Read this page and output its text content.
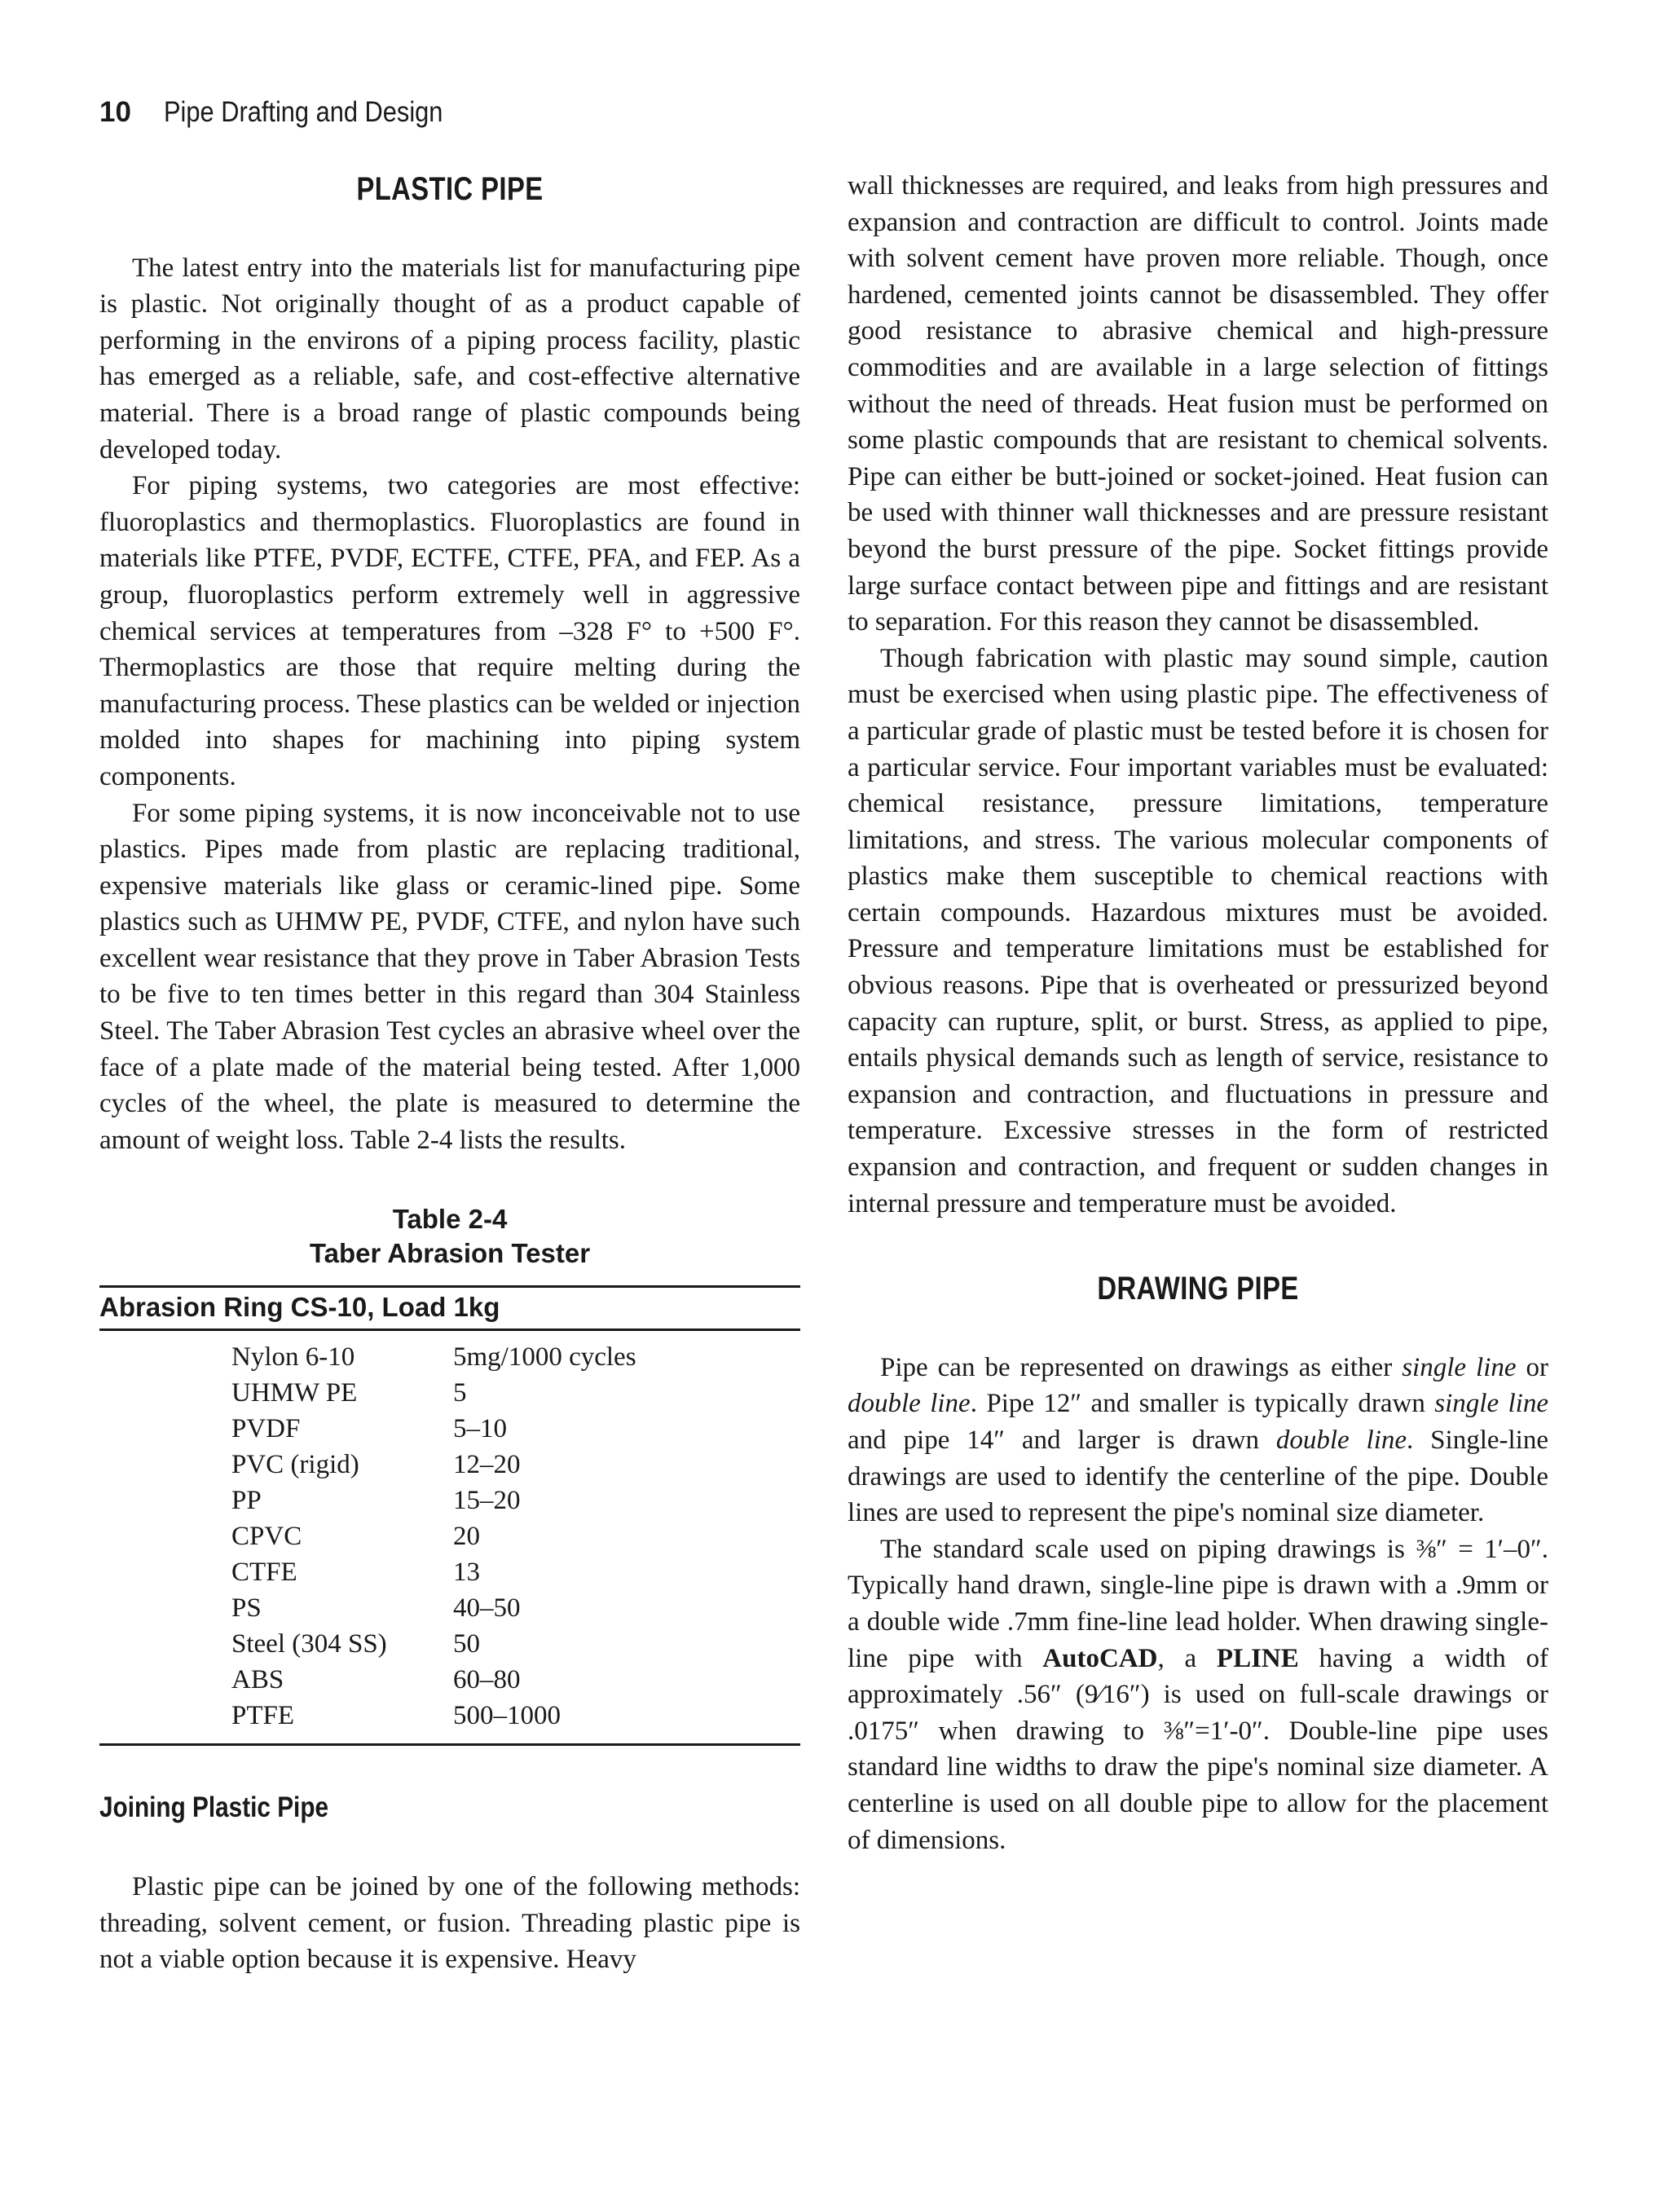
10 Pipe Drafting and Design
PLASTIC PIPE

The latest entry into the materials list for manufacturing pipe is plastic. Not originally thought of as a product capable of performing in the environs of a piping process facility, plastic has emerged as a reliable, safe, and cost-effective alternative material. There is a broad range of plastic compounds being developed today.

For piping systems, two categories are most effective: fluoroplastics and thermoplastics. Fluoroplastics are found in materials like PTFE, PVDF, ECTFE, CTFE, PFA, and FEP. As a group, fluoroplastics perform extremely well in aggressive chemical services at temperatures from –328 F° to +500 F°. Thermoplastics are those that require melting during the manufacturing process. These plastics can be welded or injection molded into shapes for machining into piping system components.

For some piping systems, it is now inconceivable not to use plastics. Pipes made from plastic are replacing traditional, expensive materials like glass or ceramic-lined pipe. Some plastics such as UHMW PE, PVDF, CTFE, and nylon have such excellent wear resistance that they prove in Taber Abrasion Tests to be five to ten times better in this regard than 304 Stainless Steel. The Taber Abrasion Test cycles an abrasive wheel over the face of a plate made of the material being tested. After 1,000 cycles of the wheel, the plate is measured to determine the amount of weight loss. Table 2-4 lists the results.

Table 2-4
Taber Abrasion Tester
Abrasion Ring CS-10, Load 1kg
Nylon 6-10	5mg/1000 cycles
UHMW PE	5
PVDF	5–10
PVC (rigid)	12–20
PP	15–20
CPVC	20
CTFE	13
PS	40–50
Steel (304 SS)	50
ABS	60–80
PTFE	500–1000
Joining Plastic Pipe

Plastic pipe can be joined by one of the following methods: threading, solvent cement, or fusion. Threading plastic pipe is not a viable option because it is expensive. Heavy

wall thicknesses are required, and leaks from high pressures and expansion and contraction are difficult to control. Joints made with solvent cement have proven more reliable. Though, once hardened, cemented joints cannot be disassembled. They offer good resistance to abrasive chemical and high-pressure commodities and are available in a large selection of fittings without the need of threads. Heat fusion must be performed on some plastic compounds that are resistant to chemical solvents. Pipe can either be butt-joined or socket-joined. Heat fusion can be used with thinner wall thicknesses and are pressure resistant beyond the burst pressure of the pipe. Socket fittings provide large surface contact between pipe and fittings and are resistant to separation. For this reason they cannot be disassembled.

Though fabrication with plastic may sound simple, caution must be exercised when using plastic pipe. The effectiveness of a particular grade of plastic must be tested before it is chosen for a particular service. Four important variables must be evaluated: chemical resistance, pressure limitations, temperature limitations, and stress. The various molecular components of plastics make them susceptible to chemical reactions with certain compounds. Hazardous mixtures must be avoided. Pressure and temperature limitations must be established for obvious reasons. Pipe that is overheated or pressurized beyond capacity can rupture, split, or burst. Stress, as applied to pipe, entails physical demands such as length of service, resistance to expansion and contraction, and fluctuations in pressure and temperature. Excessive stresses in the form of restricted expansion and contraction, and frequent or sudden changes in internal pressure and temperature must be avoided.

DRAWING PIPE

Pipe can be represented on drawings as either single line or double line. Pipe 12″ and smaller is typically drawn single line and pipe 14″ and larger is drawn double line. Single-line drawings are used to identify the centerline of the pipe. Double lines are used to represent the pipe's nominal size diameter.

The standard scale used on piping drawings is ⅜″ = 1′–0″. Typically hand drawn, single-line pipe is drawn with a .9mm or a double wide .7mm fine-line lead holder. When drawing single-line pipe with AutoCAD, a PLINE having a width of approximately .56″ (9⁄16″) is used on full-scale drawings or .0175″ when drawing to ⅜″=1′-0″. Double-line pipe uses standard line widths to draw the pipe's nominal size diameter. A centerline is used on all double pipe to allow for the placement of dimensions.
